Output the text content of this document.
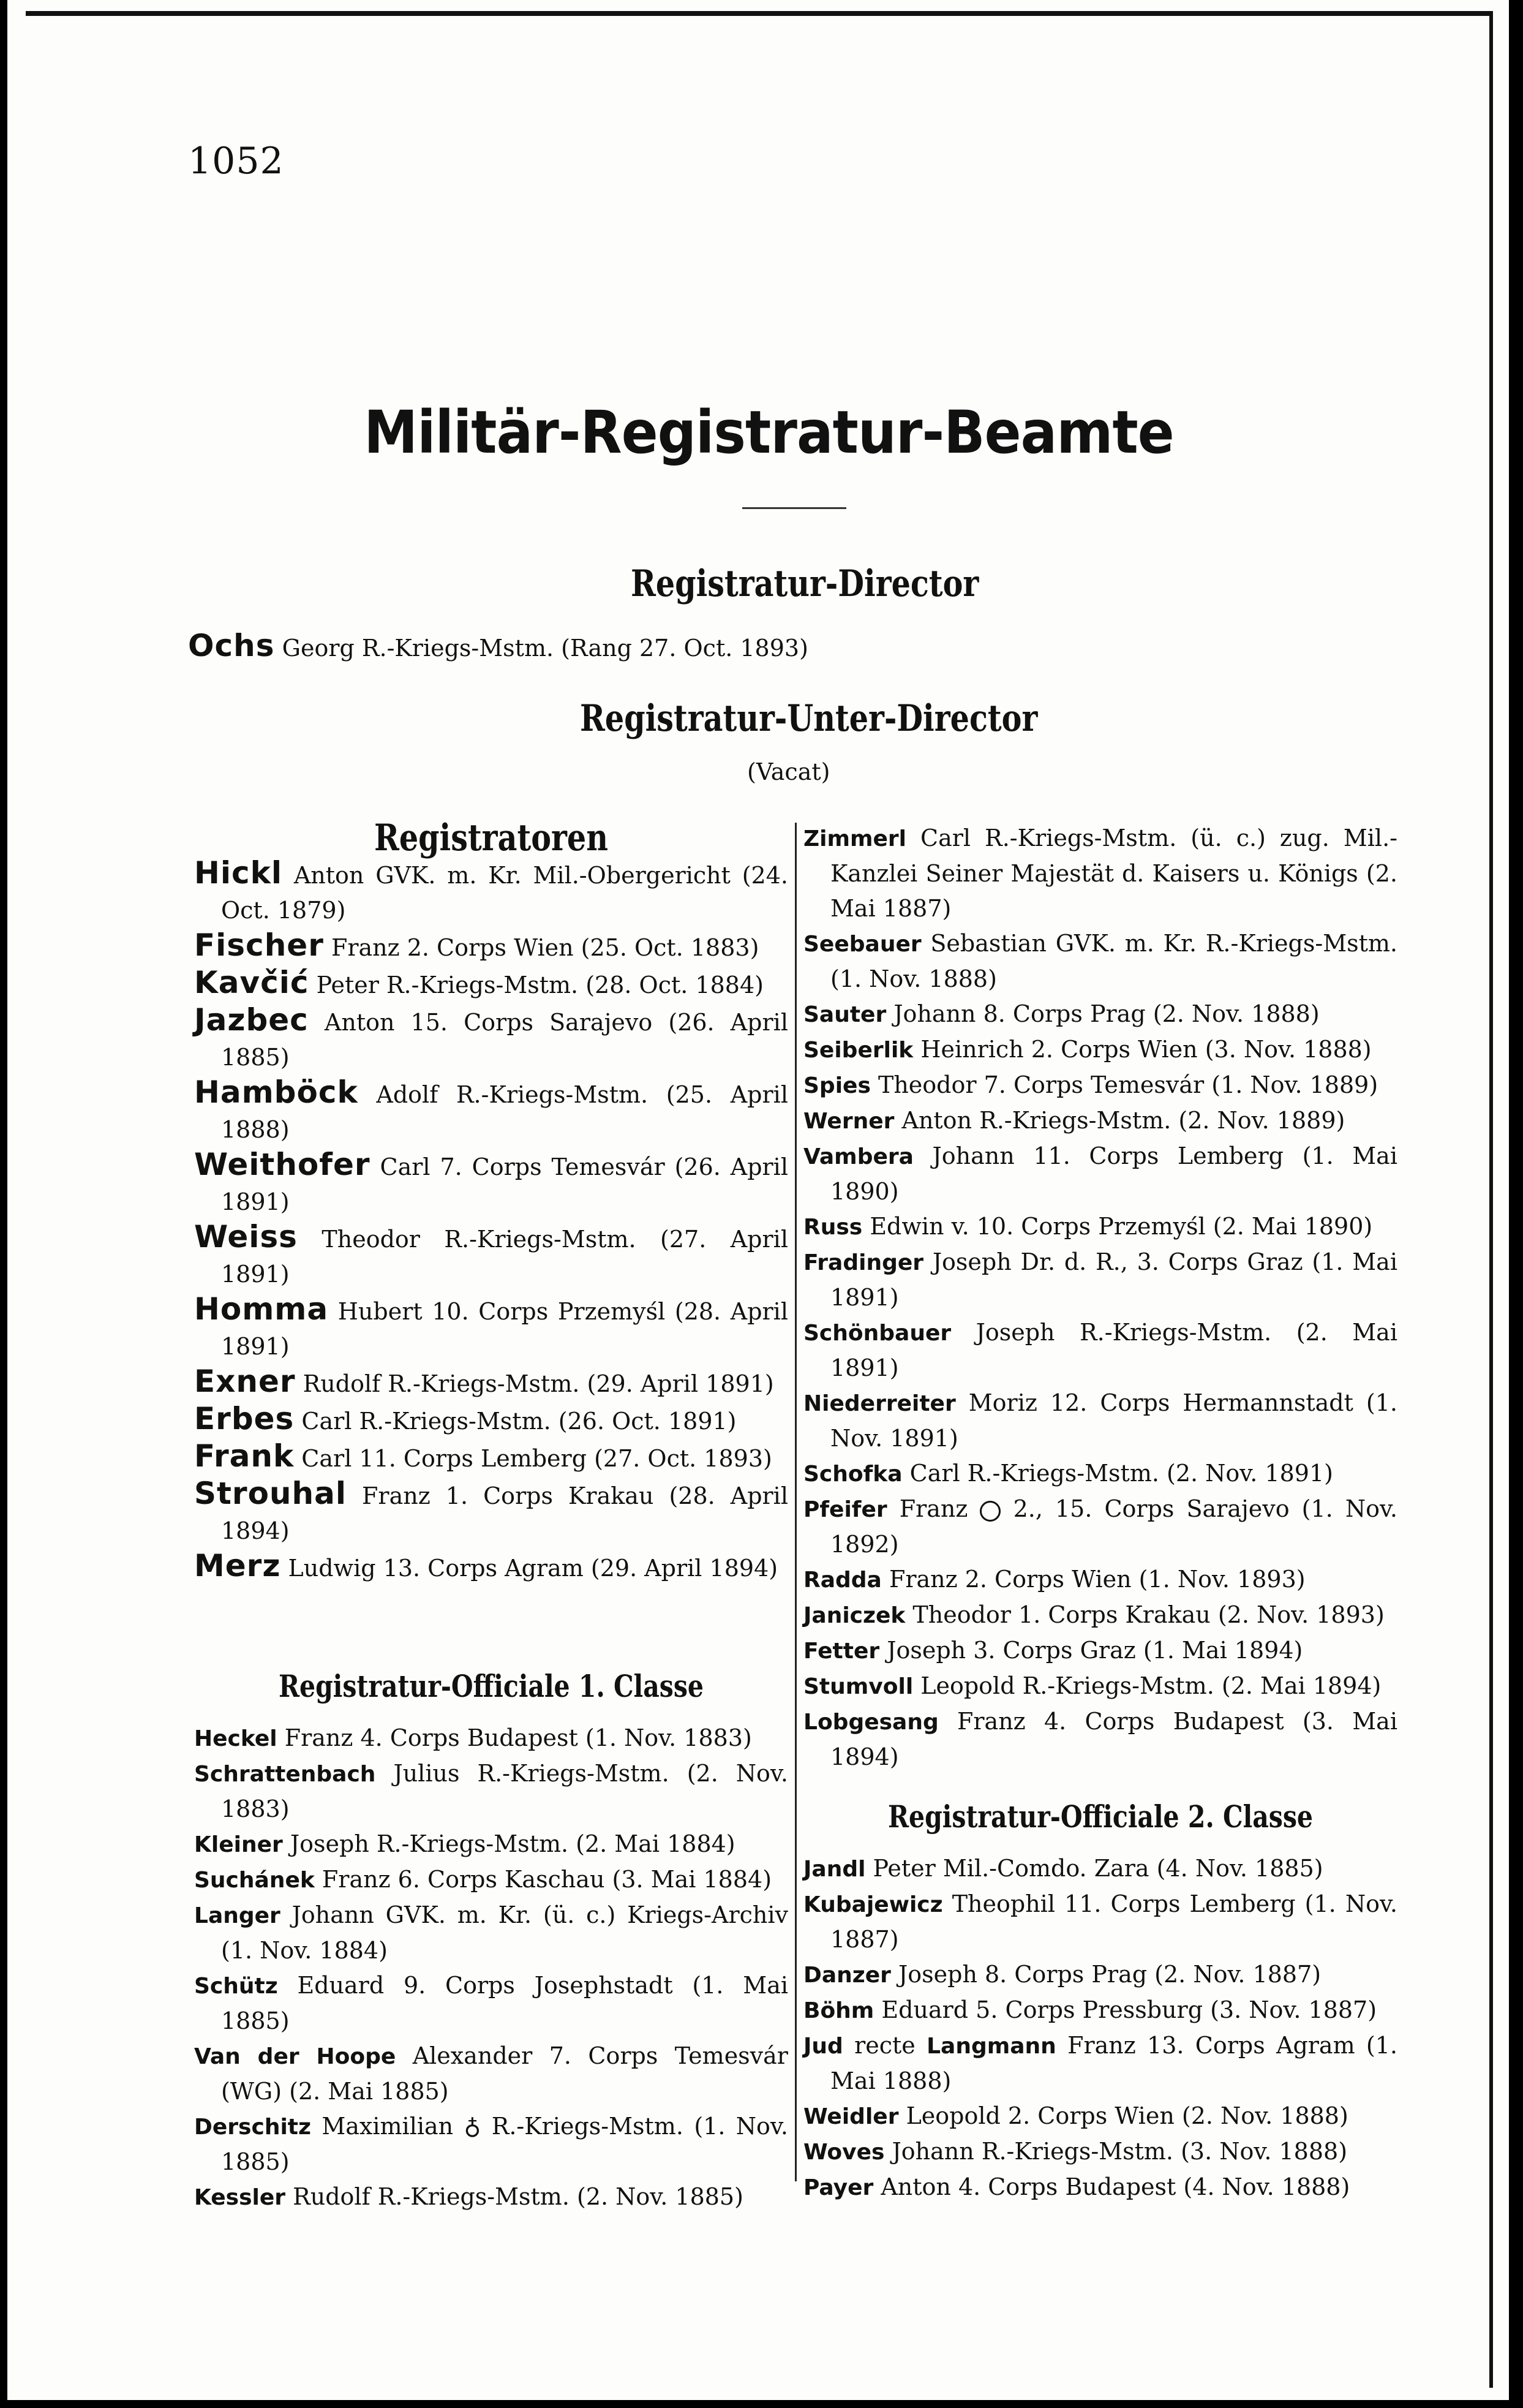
1052
Militär-Registratur-Beamte
Registratur-Director
Ochs Georg R.-Kriegs-Mstm. (Rang 27. Oct. 1893)
Registratur-Unter-Director
(Vacat)

Registratoren

Hickl Anton GVK. m. Kr. Mil.-Obergericht (24. Oct. 1879)

Fischer Franz 2. Corps Wien (25. Oct. 1883)

Kavčić Peter R.-Kriegs-Mstm. (28. Oct. 1884)

Jazbec Anton 15. Corps Sarajevo (26. April 1885)

Hamböck Adolf R.-Kriegs-Mstm. (25. April 1888)

Weithofer Carl 7. Corps Temesvár (26. April 1891)

Weiss Theodor R.-Kriegs-Mstm. (27. April 1891)

Homma Hubert 10. Corps Przemyśl (28. April 1891)

Exner Rudolf R.-Kriegs-Mstm. (29. April 1891)

Erbes Carl R.-Kriegs-Mstm. (26. Oct. 1891)

Frank Carl 11. Corps Lemberg (27. Oct. 1893)

Strouhal Franz 1. Corps Krakau (28. April 1894)

Merz Ludwig 13. Corps Agram (29. April 1894)

Registratur-Officiale 1. Classe

Heckel Franz 4. Corps Budapest (1. Nov. 1883)

Schrattenbach Julius R.-Kriegs-Mstm. (2. Nov. 1883)

Kleiner Joseph R.-Kriegs-Mstm. (2. Mai 1884)

Suchánek Franz 6. Corps Kaschau (3. Mai 1884)

Langer Johann GVK. m. Kr. (ü. c.) Kriegs-Archiv (1. Nov. 1884)

Schütz Eduard 9. Corps Josephstadt (1. Mai 1885)

Van der Hoope Alexander 7. Corps Temesvár (WG) (2. Mai 1885)

Derschitz Maximilian ♁ R.-Kriegs-Mstm. (1. Nov. 1885)

Kessler Rudolf R.-Kriegs-Mstm. (2. Nov. 1885)

Zimmerl Carl R.-Kriegs-Mstm. (ü. c.) zug. Mil.-Kanzlei Seiner Majestät d. Kaisers u. Königs (2. Mai 1887)

Seebauer Sebastian GVK. m. Kr. R.-Kriegs-Mstm. (1. Nov. 1888)

Sauter Johann 8. Corps Prag (2. Nov. 1888)

Seiberlik Heinrich 2. Corps Wien (3. Nov. 1888)

Spies Theodor 7. Corps Temesvár (1. Nov. 1889)

Werner Anton R.-Kriegs-Mstm. (2. Nov. 1889)

Vambera Johann 11. Corps Lemberg (1. Mai 1890)

Russ Edwin v. 10. Corps Przemyśl (2. Mai 1890)

Fradinger Joseph Dr. d. R., 3. Corps Graz (1. Mai 1891)

Schönbauer Joseph R.-Kriegs-Mstm. (2. Mai 1891)

Niederreiter Moriz 12. Corps Hermannstadt (1. Nov. 1891)

Schofka Carl R.-Kriegs-Mstm. (2. Nov. 1891)

Pfeifer Franz 2., 15. Corps Sarajevo (1. Nov. 1892)

Radda Franz 2. Corps Wien (1. Nov. 1893)

Janiczek Theodor 1. Corps Krakau (2. Nov. 1893)

Fetter Joseph 3. Corps Graz (1. Mai 1894)

Stumvoll Leopold R.-Kriegs-Mstm. (2. Mai 1894)

Lobgesang Franz 4. Corps Budapest (3. Mai 1894)

Registratur-Officiale 2. Classe

Jandl Peter Mil.-Comdo. Zara (4. Nov. 1885)

Kubajewicz Theophil 11. Corps Lemberg (1. Nov. 1887)

Danzer Joseph 8. Corps Prag (2. Nov. 1887)

Böhm Eduard 5. Corps Pressburg (3. Nov. 1887)

Jud recte Langmann Franz 13. Corps Agram (1. Mai 1888)

Weidler Leopold 2. Corps Wien (2. Nov. 1888)

Woves Johann R.-Kriegs-Mstm. (3. Nov. 1888)

Payer Anton 4. Corps Budapest (4. Nov. 1888)
